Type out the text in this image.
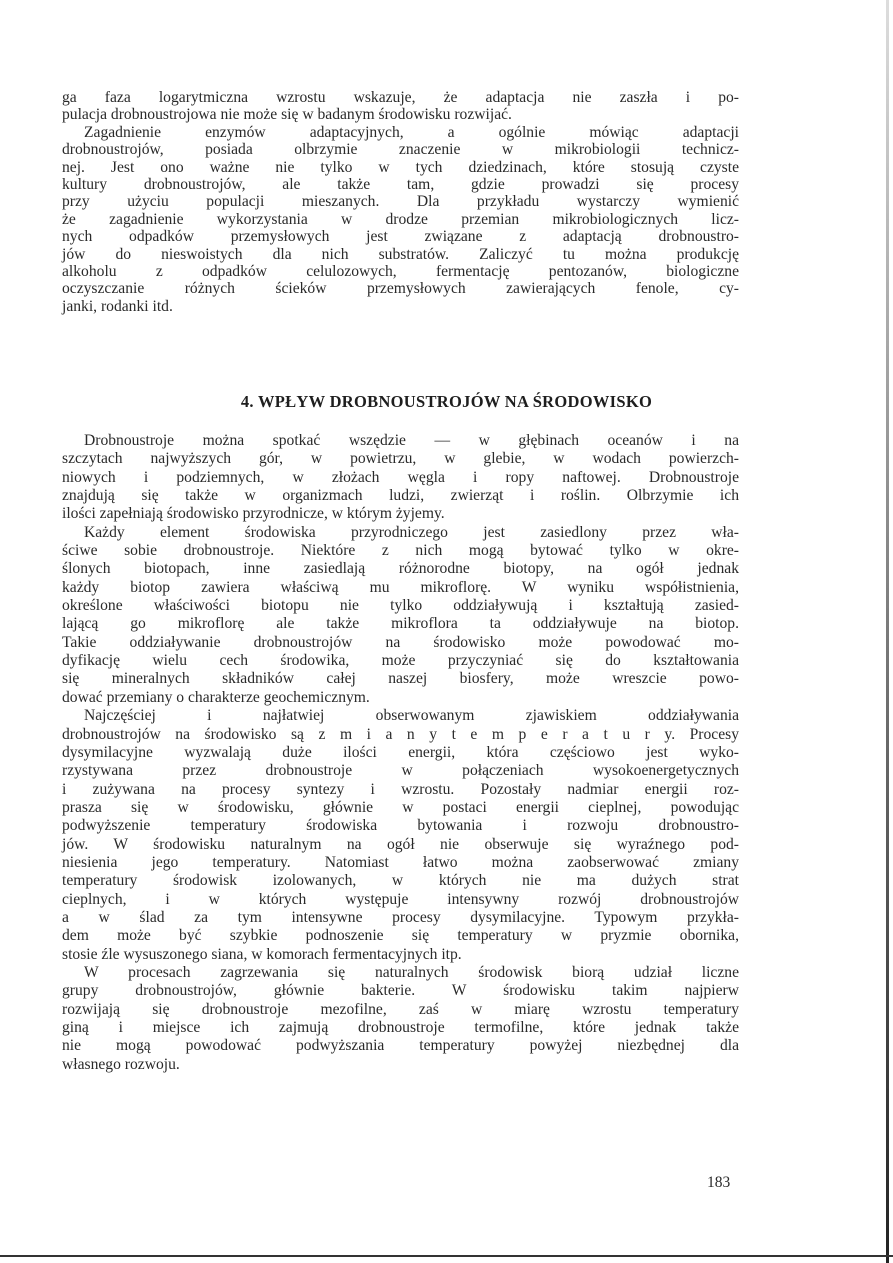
ga faza logarytmiczna wzrostu wskazuje, że adaptacja nie zaszła i po-
pulacja drobnoustrojowa nie może się w badanym środowisku rozwijać.
Zagadnienie enzymów adaptacyjnych, a ogólnie mówiąc adaptacji
drobnoustrojów, posiada olbrzymie znaczenie w mikrobiologii technicz-
nej. Jest ono ważne nie tylko w tych dziedzinach, które stosują czyste
kultury drobnoustrojów, ale także tam, gdzie prowadzi się procesy
przy użyciu populacji mieszanych. Dla przykładu wystarczy wymienić
że zagadnienie wykorzystania w drodze przemian mikrobiologicznych licz-
nych odpadków przemysłowych jest związane z adaptacją drobnoustro-
jów do nieswoistych dla nich substratów. Zaliczyć tu można produkcję
alkoholu z odpadków celulozowych, fermentację pentozanów, biologiczne
oczyszczanie różnych ścieków przemysłowych zawierających fenole, cy-
janki, rodanki itd.
4. WPŁYW DROBNOUSTROJÓW NA ŚRODOWISKO
Drobnoustroje można spotkać wszędzie — w głębinach oceanów i na
szczytach najwyższych gór, w powietrzu, w glebie, w wodach powierzch-
niowych i podziemnych, w złożach węgla i ropy naftowej. Drobnoustroje
znajdują się także w organizmach ludzi, zwierząt i roślin. Olbrzymie ich
ilości zapełniają środowisko przyrodnicze, w którym żyjemy.
Każdy element środowiska przyrodniczego jest zasiedlony przez wła-
ściwe sobie drobnoustroje. Niektóre z nich mogą bytować tylko w okre-
ślonych biotopach, inne zasiedlają różnorodne biotopy, na ogół jednak
każdy biotop zawiera właściwą mu mikroflorę. W wyniku współistnienia,
określone właściwości biotopu nie tylko oddziaływują i kształtują zasied-
lającą go mikroflorę ale także mikroflora ta oddziaływuje na biotop.
Takie oddziaływanie drobnoustrojów na środowisko może powodować mo-
dyfikację wielu cech środowika, może przyczyniać się do kształtowania
się mineralnych składników całej naszej biosfery, może wreszcie powo-
dować przemiany o charakterze geochemicznym.
Najczęściej i najłatwiej obserwowanym zjawiskiem oddziaływania
drobnoustrojów na środowisko są z m i a n y t e m p e r a t u r y. Procesy
dysymilacyjne wyzwalają duże ilości energii, która częściowo jest wyko-
rzystywana przez drobnoustroje w połączeniach wysokoenergetycznych
i zużywana na procesy syntezy i wzrostu. Pozostały nadmiar energii roz-
prasza się w środowisku, głównie w postaci energii cieplnej, powodując
podwyższenie temperatury środowiska bytowania i rozwoju drobnoustro-
jów. W środowisku naturalnym na ogół nie obserwuje się wyraźnego pod-
niesienia jego temperatury. Natomiast łatwo można zaobserwować zmiany
temperatury środowisk izolowanych, w których nie ma dużych strat
cieplnych, i w których występuje intensywny rozwój drobnoustrojów
a w ślad za tym intensywne procesy dysymilacyjne. Typowym przykła-
dem może być szybkie podnoszenie się temperatury w pryzmie obornika,
stosie źle wysuszonego siana, w komorach fermentacyjnych itp.
W procesach zagrzewania się naturalnych środowisk biorą udział liczne
grupy drobnoustrojów, głównie bakterie. W środowisku takim najpierw
rozwijają się drobnoustroje mezofilne, zaś w miarę wzrostu temperatury
giną i miejsce ich zajmują drobnoustroje termofilne, które jednak także
nie mogą powodować podwyższania temperatury powyżej niezbędnej dla
własnego rozwoju.
183
